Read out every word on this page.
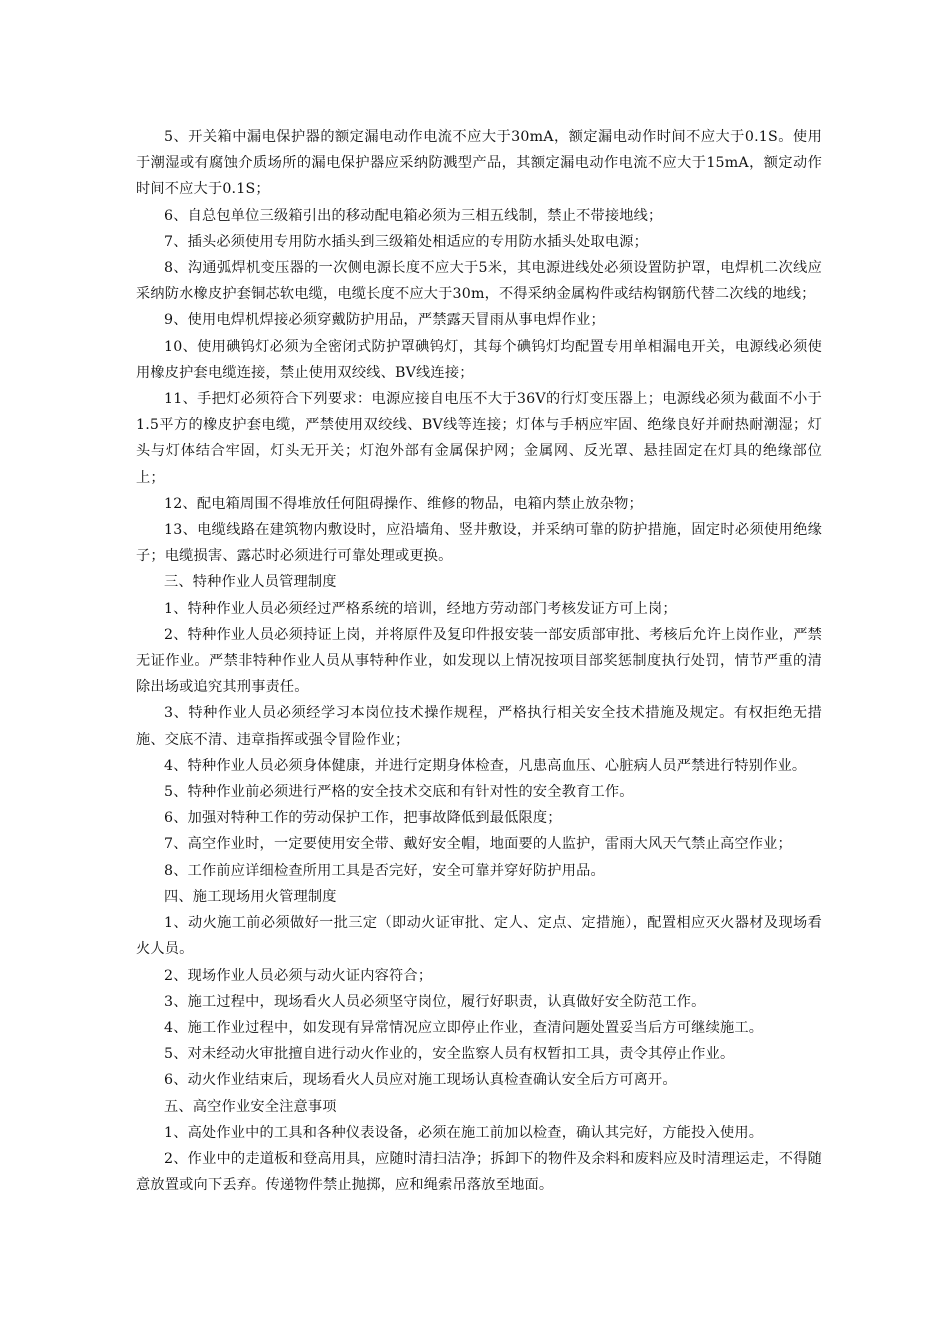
5、开关箱中漏电保护器的额定漏电动作电流不应大于30mA，额定漏电动作时间不应大于0.1S。使用于潮湿或有腐蚀介质场所的漏电保护器应采纳防溅型产品，其额定漏电动作电流不应大于15mA，额定动作时间不应大于0.1S；

6、自总包单位三级箱引出的移动配电箱必须为三相五线制，禁止不带接地线；

7、插头必须使用专用防水插头到三级箱处相适应的专用防水插头处取电源；

8、沟通弧焊机变压器的一次侧电源长度不应大于5米，其电源进线处必须设置防护罩，电焊机二次线应采纳防水橡皮护套铜芯软电缆，电缆长度不应大于30m，不得采纳金属构件或结构钢筋代替二次线的地线；

9、使用电焊机焊接必须穿戴防护用品，严禁露天冒雨从事电焊作业；

10、使用碘钨灯必须为全密闭式防护罩碘钨灯，其每个碘钨灯均配置专用单相漏电开关，电源线必须使用橡皮护套电缆连接，禁止使用双绞线、BV线连接；

11、手把灯必须符合下列要求：电源应接自电压不大于36V的行灯变压器上；电源线必须为截面不小于1.5平方的橡皮护套电缆，严禁使用双绞线、BV线等连接；灯体与手柄应牢固、绝缘良好并耐热耐潮湿；灯头与灯体结合牢固，灯头无开关；灯泡外部有金属保护网；金属网、反光罩、悬挂固定在灯具的绝缘部位上；

12、配电箱周围不得堆放任何阻碍操作、维修的物品，电箱内禁止放杂物；

13、电缆线路在建筑物内敷设时，应沿墙角、竖井敷设，并采纳可靠的防护措施，固定时必须使用绝缘子；电缆损害、露芯时必须进行可靠处理或更换。

三、特种作业人员管理制度

1、特种作业人员必须经过严格系统的培训，经地方劳动部门考核发证方可上岗；

2、特种作业人员必须持证上岗，并将原件及复印件报安装一部安质部审批、考核后允许上岗作业，严禁无证作业。严禁非特种作业人员从事特种作业，如发现以上情况按项目部奖惩制度执行处罚，情节严重的清除出场或追究其刑事责任。

3、特种作业人员必须经学习本岗位技术操作规程，严格执行相关安全技术措施及规定。有权拒绝无措施、交底不清、违章指挥或强令冒险作业；

4、特种作业人员必须身体健康，并进行定期身体检查，凡患高血压、心脏病人员严禁进行特别作业。

5、特种作业前必须进行严格的安全技术交底和有针对性的安全教育工作。

6、加强对特种工作的劳动保护工作，把事故降低到最低限度；

7、高空作业时，一定要使用安全带、戴好安全帽，地面要的人监护，雷雨大风天气禁止高空作业；

8、工作前应详细检查所用工具是否完好，安全可靠并穿好防护用品。

四、施工现场用火管理制度

1、动火施工前必须做好一批三定（即动火证审批、定人、定点、定措施），配置相应灭火器材及现场看火人员。

2、现场作业人员必须与动火证内容符合；

3、施工过程中，现场看火人员必须坚守岗位，履行好职责，认真做好安全防范工作。

4、施工作业过程中，如发现有异常情况应立即停止作业，查清问题处置妥当后方可继续施工。

5、对未经动火审批擅自进行动火作业的，安全监察人员有权暂扣工具，责令其停止作业。

6、动火作业结束后，现场看火人员应对施工现场认真检查确认安全后方可离开。

五、高空作业安全注意事项

1、高处作业中的工具和各种仪表设备，必须在施工前加以检查，确认其完好，方能投入使用。

2、作业中的走道板和登高用具，应随时清扫洁净；拆卸下的物件及余料和废料应及时清理运走，不得随意放置或向下丢弃。传递物件禁止抛掷，应和绳索吊落放至地面。
